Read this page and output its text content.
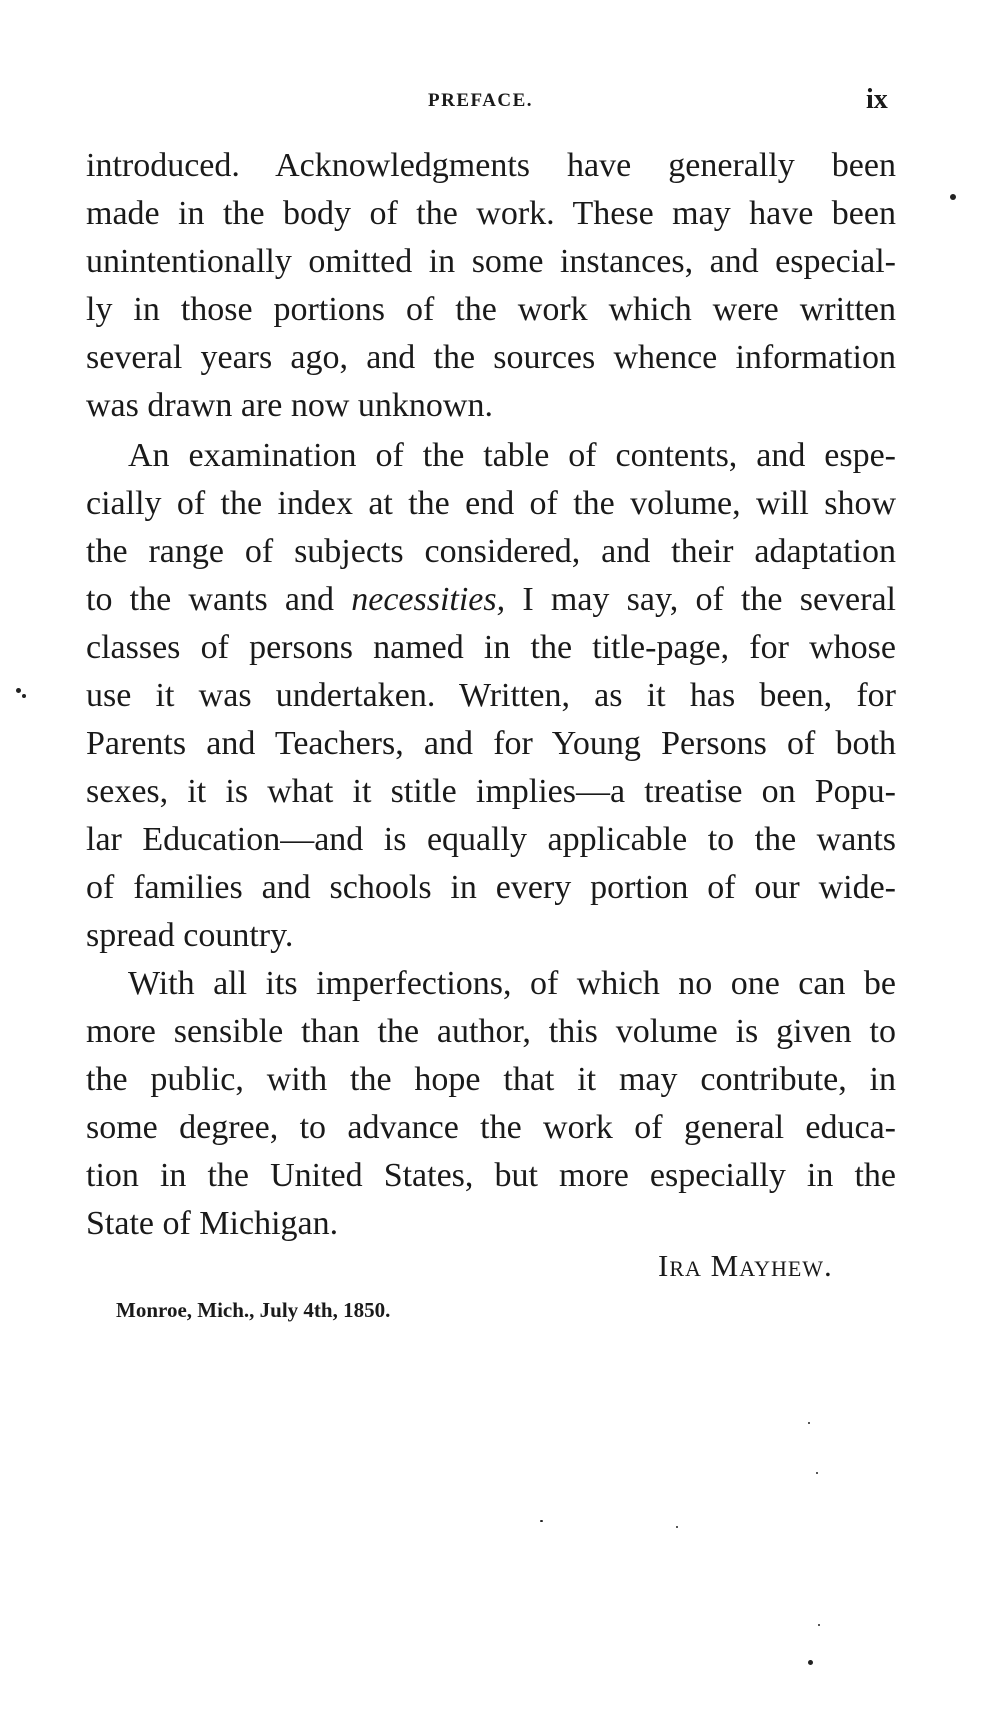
PREFACE.	ix

introduced. Acknowledgments have generally been
made in the body of the work. These may have been
unintentionally omitted in some instances, and especial-
ly in those portions of the work which were written
several years ago, and the sources whence information
was drawn are now unknown.

An examination of the table of contents, and espe-
cially of the index at the end of the volume, will show
the range of subjects considered, and their adaptation
to the wants and necessities, I may say, of the several
classes of persons named in the title-page, for whose
use it was undertaken. Written, as it has been, for
Parents and Teachers, and for Young Persons of both
sexes, it is what it stitle implies—a treatise on Popu-
lar Education—and is equally applicable to the wants
of families and schools in every portion of our wide-
spread country.

With all its imperfections, of which no one can be
more sensible than the author, this volume is given to
the public, with the hope that it may contribute, in
some degree, to advance the work of general educa-
tion in the United States, but more especially in the
State of Michigan.

Ira Mayhew.
Monroe, Mich., July 4th, 1850.
